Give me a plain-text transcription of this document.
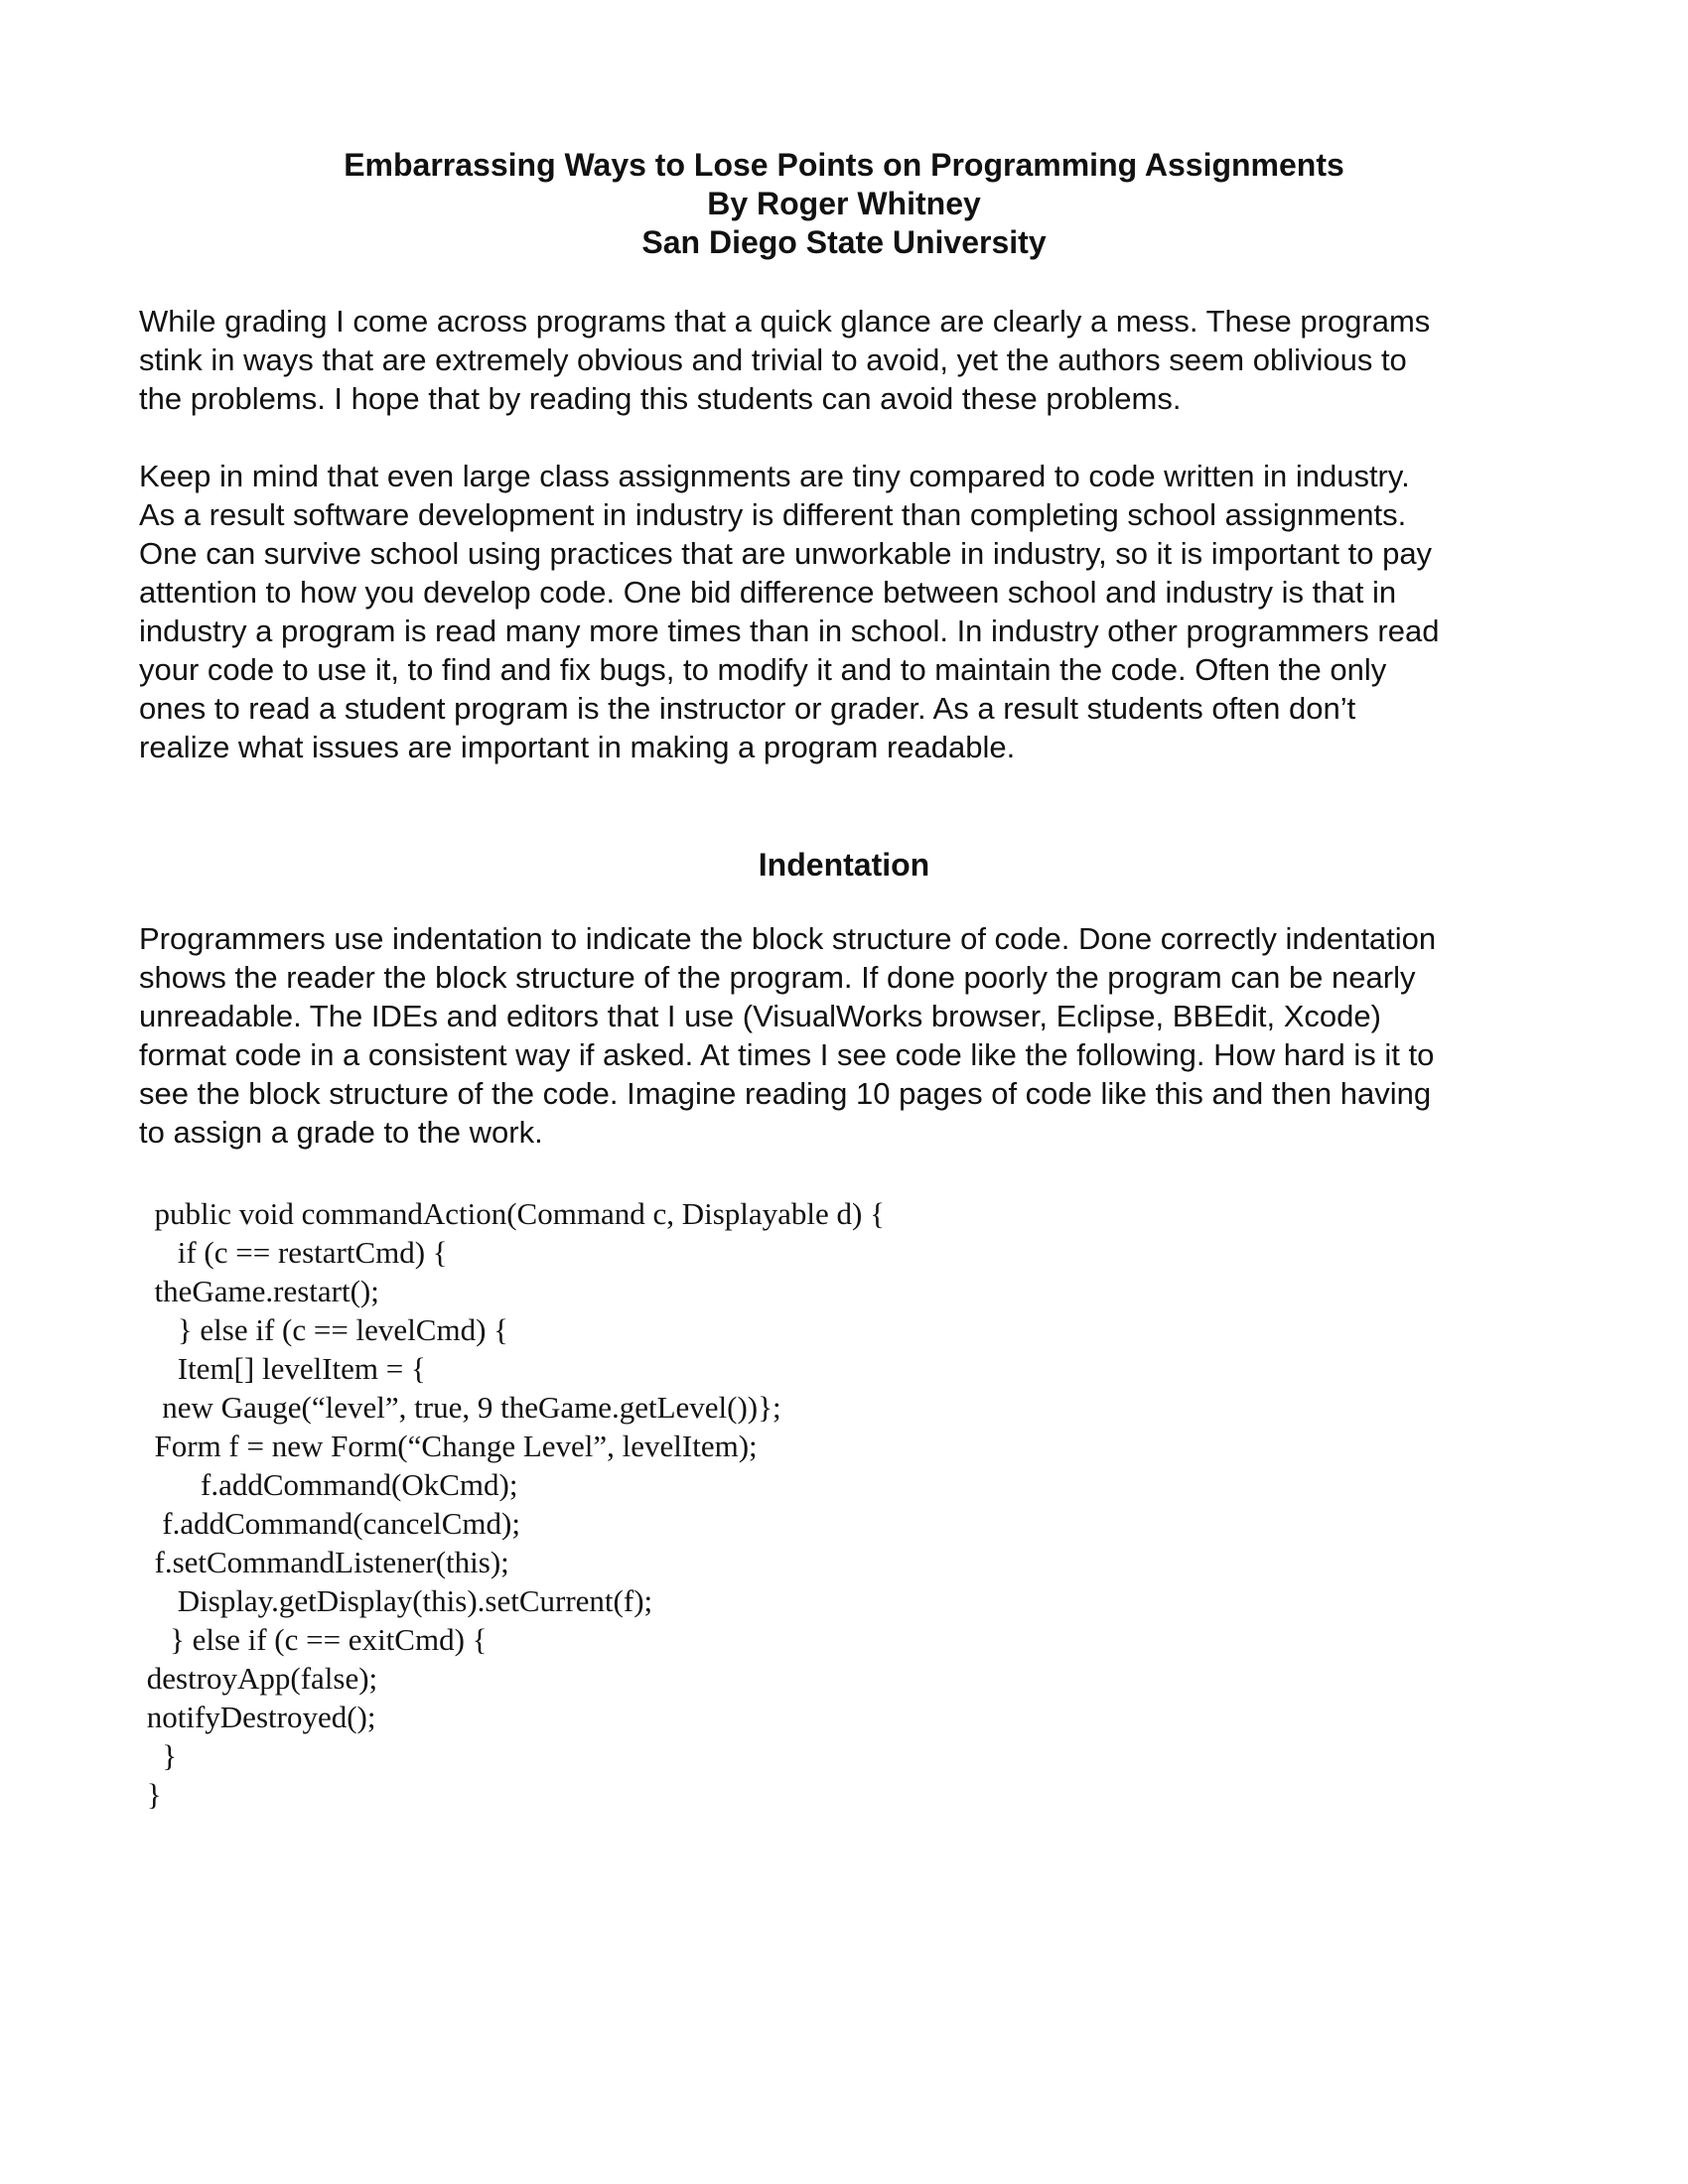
Embarrassing Ways to Lose Points on Programming Assignments
By Roger Whitney
San Diego State University

While grading I come across programs that a quick glance are clearly a mess. These programs
stink in ways that are extremely obvious and trivial to avoid, yet the authors seem oblivious to
the problems. I hope that by reading this students can avoid these problems.

Keep in mind that even large class assignments are tiny compared to code written in industry.
As a result software development in industry is different than completing school assignments.
One can survive school using practices that are unworkable in industry, so it is important to pay
attention to how you develop code. One bid difference between school and industry is that in
industry a program is read many more times than in school. In industry other programmers read
your code to use it, to find and fix bugs, to modify it and to maintain the code. Often the only
ones to read a student program is the instructor or grader. As a result students often don’t
realize what issues are important in making a program readable.

Indentation

Programmers use indentation to indicate the block structure of code. Done correctly indentation
shows the reader the block structure of the program. If done poorly the program can be nearly
unreadable. The IDEs and editors that I use (VisualWorks browser, Eclipse, BBEdit, Xcode)
format code in a consistent way if asked. At times I see code like the following. How hard is it to
see the block structure of the code. Imagine reading 10 pages of code like this and then having
to assign a grade to the work.

public void commandAction(Command c, Displayable d) {
if (c == restartCmd) {
theGame.restart();
} else if (c == levelCmd) {
Item[] levelItem = {
new Gauge(“level”, true, 9 theGame.getLevel())};
Form f = new Form(“Change Level”, levelItem);
f.addCommand(OkCmd);
f.addCommand(cancelCmd);
f.setCommandListener(this);
Display.getDisplay(this).setCurrent(f);
} else if (c == exitCmd) {
destroyApp(false);
notifyDestroyed();
}
}
